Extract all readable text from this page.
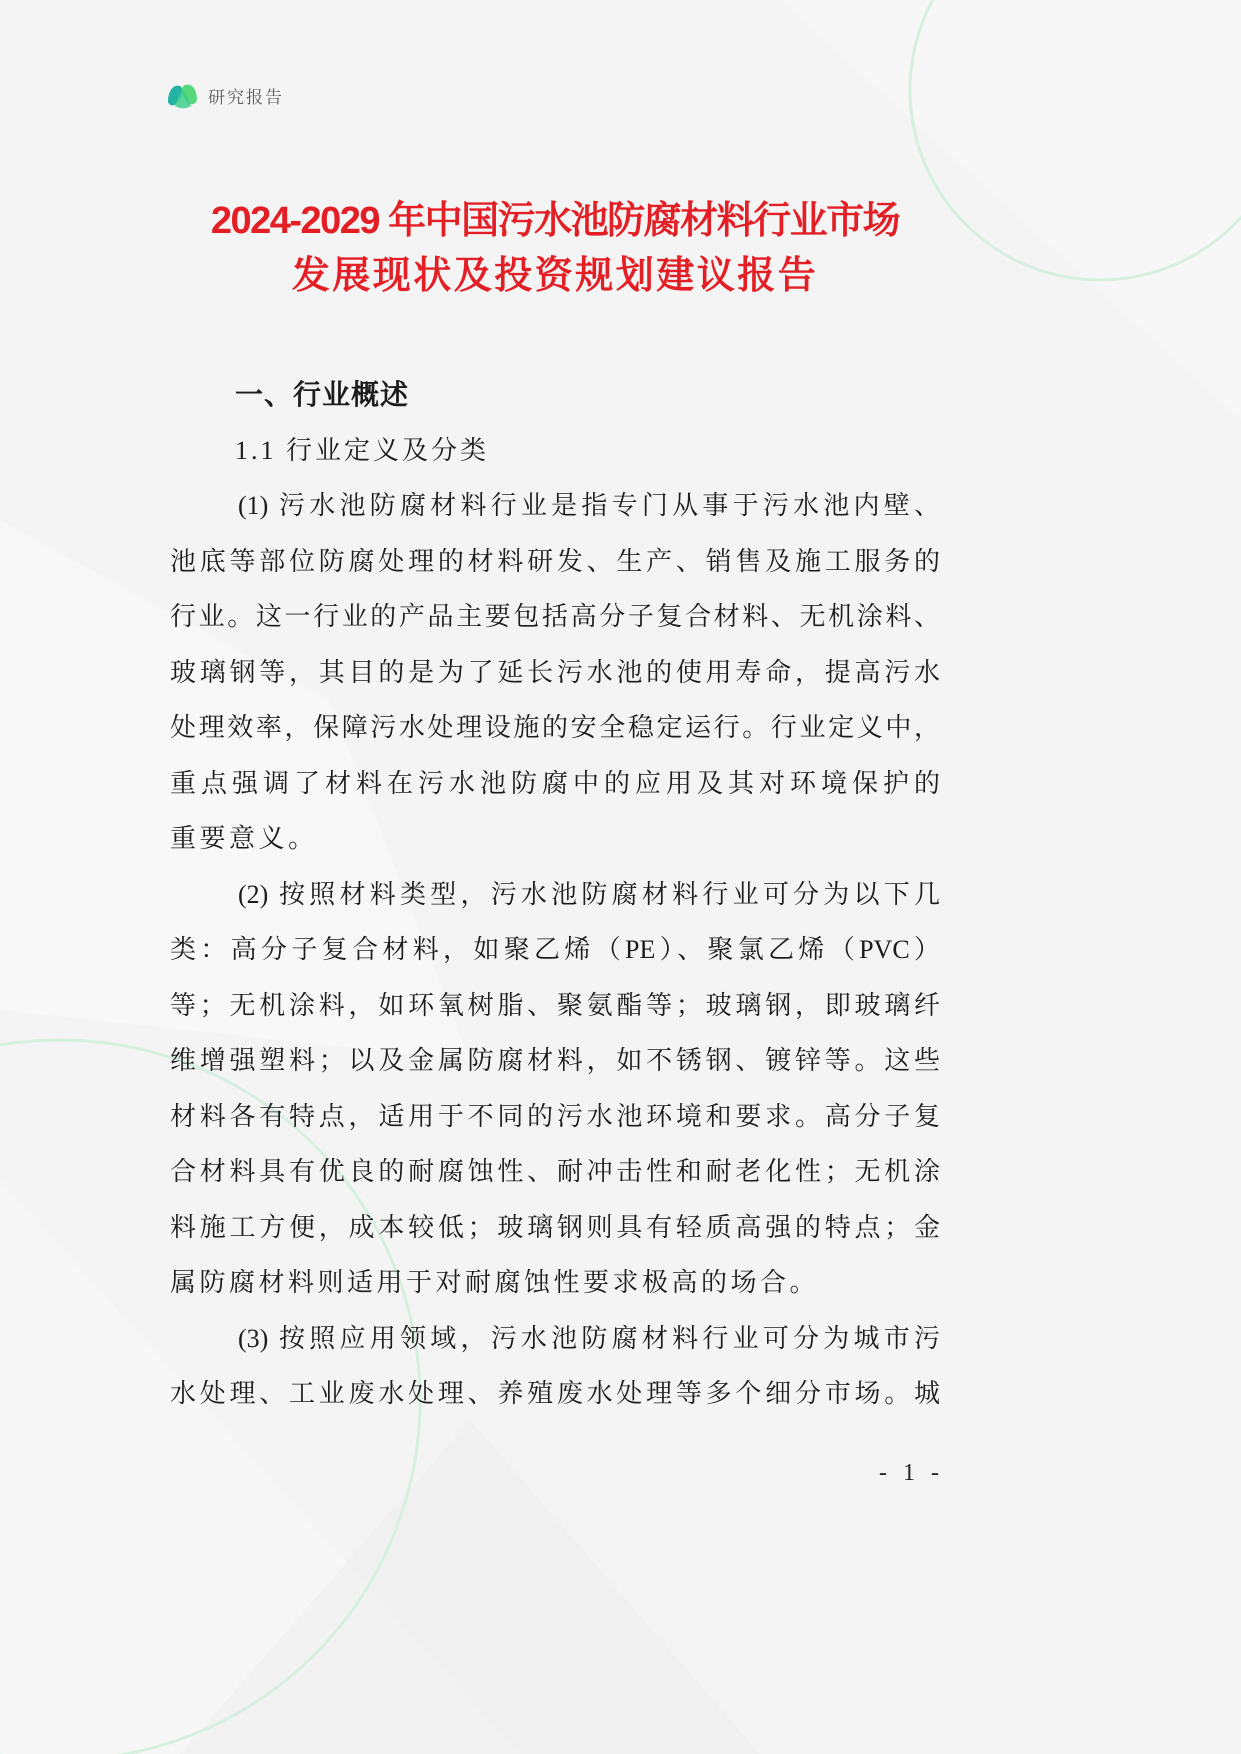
研究报告
2024-2029 年中国污水池防腐材料行业市场
发展现状及投资规划建议报告
一、行业概述
1.1 行业定义及分类
(1) 污水池防腐材料行业是指专门从事于污水池内壁、
池底等部位防腐处理的材料研发、生产、销售及施工服务的
行业。这一行业的产品主要包括高分子复合材料、无机涂料、
玻璃钢等，其目的是为了延长污水池的使用寿命，提高污水
处理效率，保障污水处理设施的安全稳定运行。行业定义中，
重点强调了材料在污水池防腐中的应用及其对环境保护的
重要意义。
(2) 按照材料类型，污水池防腐材料行业可分为以下几
类：高分子复合材料，如聚乙烯（PE）、聚氯乙烯（PVC）
等；无机涂料，如环氧树脂、聚氨酯等；玻璃钢，即玻璃纤
维增强塑料；以及金属防腐材料，如不锈钢、镀锌等。这些
材料各有特点，适用于不同的污水池环境和要求。高分子复
合材料具有优良的耐腐蚀性、耐冲击性和耐老化性；无机涂
料施工方便，成本较低；玻璃钢则具有轻质高强的特点；金
属防腐材料则适用于对耐腐蚀性要求极高的场合。
(3) 按照应用领域，污水池防腐材料行业可分为城市污
水处理、工业废水处理、养殖废水处理等多个细分市场。城
- 1 -
